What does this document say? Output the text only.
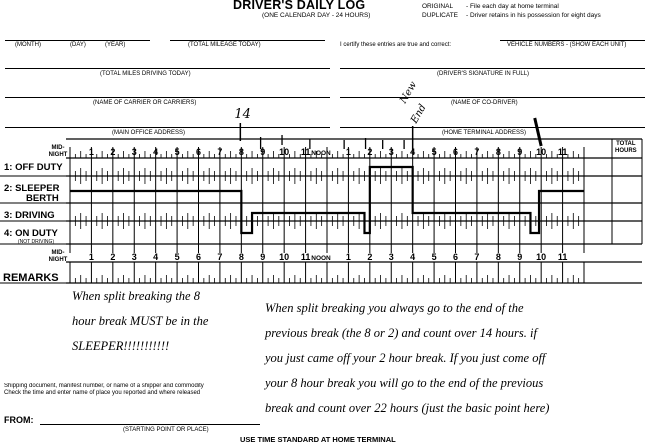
DRIVER'S DAILY LOG
(ONE CALENDAR DAY - 24 HOURS)
ORIGINAL - File each day at home terminal
DUPLICATE - Driver retains in his possession for eight days
(MONTH)	(DAY)	(YEAR)	(TOTAL MILEAGE TODAY)	I certify these entries are true and correct:	VEHICLE NUMBERS - (SHOW EACH UNIT)
(TOTAL MILES DRIVING TODAY)	(DRIVER'S SIGNATURE IN FULL)
(NAME OF CARRIER OR CARRIERS)	(NAME OF CO-DRIVER)
(MAIN OFFICE ADDRESS)	(HOME TERMINAL ADDRESS)
1: OFF DUTY
2: SLEEPER
BERTH
3: DRIVING
4: ON DUTY
(NOT DRIVING)
TOTAL
HOURS
MID-
NIGHT 1 2 3 4 5 6 7 8 9 10 11 NOON 1 2 3 4 5 6 7 8 9 10 11
MID-
NIGHT 1 2 3 4 5 6 7 8 9 10 11 NOON 1 2 3 4 5 6 7 8 9 10 11
14
New
End
REMARKS
When split breaking the 8
hour break MUST be in the
SLEEPER!!!!!!!!!!!
When split breaking you always go to the end of the
previous break (the 8 or 2) and count over 14 hours. if
you just came off your 2 hour break. If you just come off
your 8 hour break you will go to the end of the previous
break and count over 22 hours (just the basic point here)
Shipping document, manifest number, or name of a shipper and commodity
Check the time and enter name of place you reported and where released
FROM:
(STARTING POINT OR PLACE)
USE TIME STANDARD AT HOME TERMINAL
